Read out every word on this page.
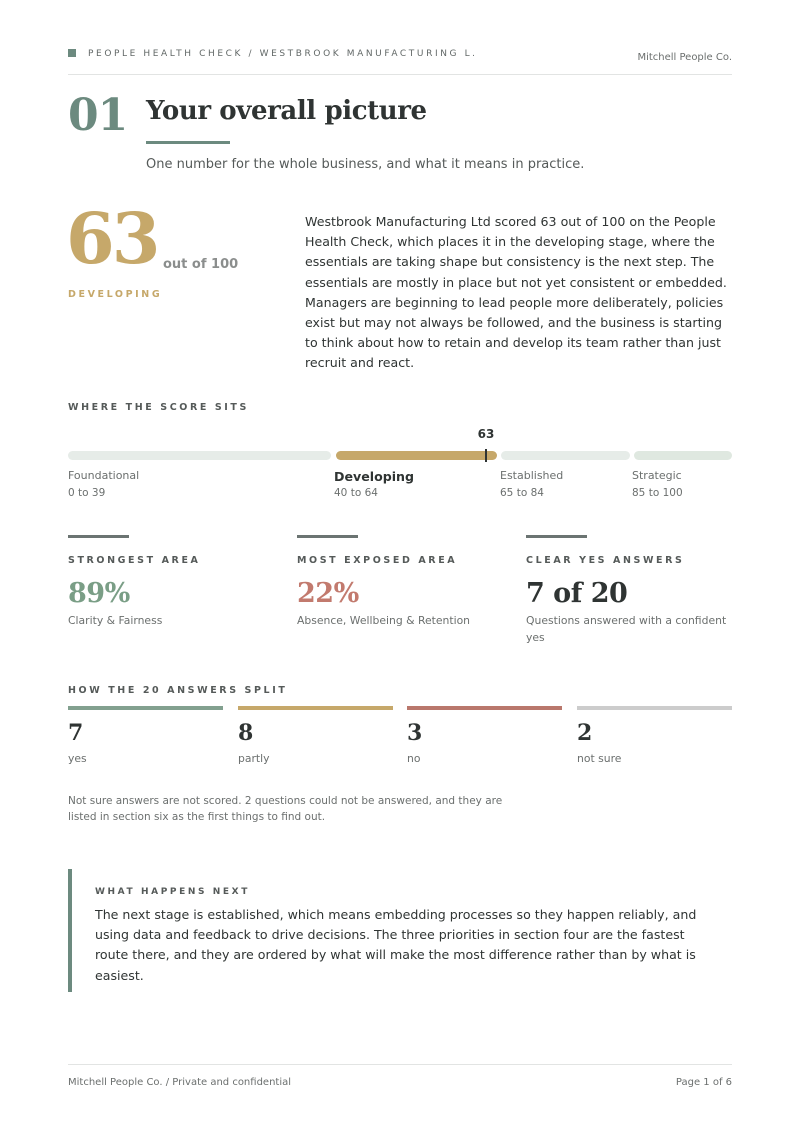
PEOPLE HEALTH CHECK / WESTBROOK MANUFACTURING L.	Mitchell People Co.
01 Your overall picture
One number for the whole business, and what it means in practice.
63 out of 100
DEVELOPING
Westbrook Manufacturing Ltd scored 63 out of 100 on the People Health Check, which places it in the developing stage, where the essentials are taking shape but consistency is the next step. The essentials are mostly in place but not yet consistent or embedded. Managers are beginning to lead people more deliberately, policies exist but may not always be followed, and the business is starting to think about how to retain and develop its team rather than just recruit and react.
WHERE THE SCORE SITS
63
Foundational
0 to 39
Developing
40 to 64
Established
65 to 84
Strategic
85 to 100
STRONGEST AREA
89%
Clarity & Fairness
MOST EXPOSED AREA
22%
Absence, Wellbeing & Retention
CLEAR YES ANSWERS
7 of 20
Questions answered with a confident yes
HOW THE 20 ANSWERS SPLIT
7
yes
8
partly
3
no
2
not sure
Not sure answers are not scored. 2 questions could not be answered, and they are listed in section six as the first things to find out.
WHAT HAPPENS NEXT
The next stage is established, which means embedding processes so they happen reliably, and using data and feedback to drive decisions. The three priorities in section four are the fastest route there, and they are ordered by what will make the most difference rather than by what is easiest.
Mitchell People Co. / Private and confidential	Page 1 of 6
